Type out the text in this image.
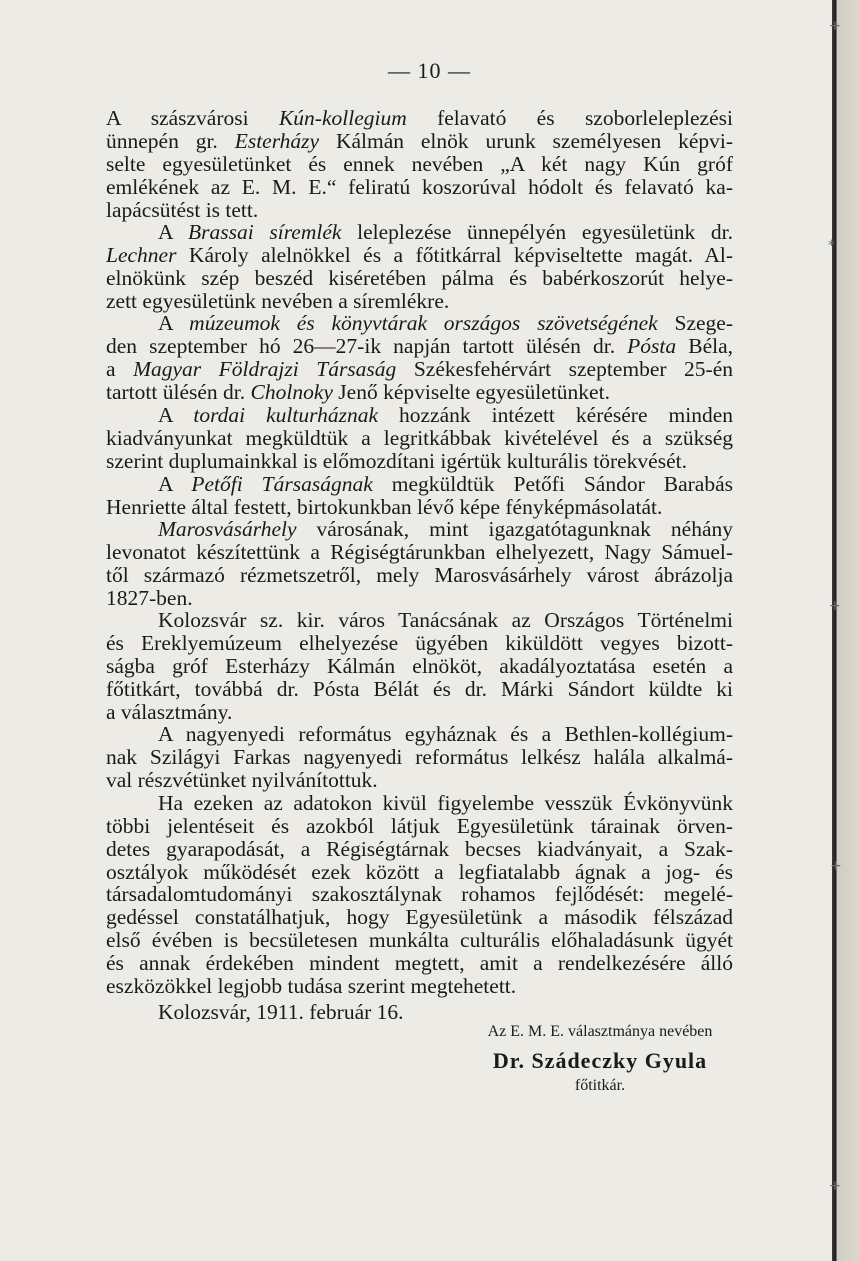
— 10 —
A szászvárosi Kún-kollegium felavató és szoborleleplezési
ünnepén gr. Esterházy Kálmán elnök urunk személyesen képvi-
selte egyesületünket és ennek nevében „A két nagy Kún gróf
emlékének az E. M. E.“ feliratú koszorúval hódolt és felavató ka-
lapácsütést is tett.
A Brassai síremlék leleplezése ünnepélyén egyesületünk dr.
Lechner Károly alelnökkel és a főtitkárral képviseltette magát. Al-
elnökünk szép beszéd kiséretében pálma és babérkoszorút helye-
zett egyesületünk nevében a síremlékre.
A múzeumok és könyvtárak országos szövetségének Szege-
den szeptember hó 26—27-ik napján tartott ülésén dr. Pósta Béla,
a Magyar Földrajzi Társaság Székesfehérvárt szeptember 25-én
tartott ülésén dr. Cholnoky Jenő képviselte egyesületünket.
A tordai kulturháznak hozzánk intézett kérésére minden
kiadványunkat megküldtük a legritkábbak kivételével és a szükség
szerint duplumainkkal is előmozdítani igértük kulturális törekvését.
A Petőfi Társaságnak megküldtük Petőfi Sándor Barabás
Henriette által festett, birtokunkban lévő képe fényképmásolatát.
Marosvásárhely városának, mint igazgatótagunknak néhány
levonatot készítettünk a Régiségtárunkban elhelyezett, Nagy Sámuel-
től származó rézmetszetről, mely Marosvásárhely várost ábrázolja
1827-ben.
Kolozsvár sz. kir. város Tanácsának az Országos Történelmi
és Ereklyemúzeum elhelyezése ügyében kiküldött vegyes bizott-
ságba gróf Esterházy Kálmán elnököt, akadályoztatása esetén a
főtitkárt, továbbá dr. Pósta Bélát és dr. Márki Sándort küldte ki
a választmány.
A nagyenyedi református egyháznak és a Bethlen-kollégium-
nak Szilágyi Farkas nagyenyedi református lelkész halála alkalmá-
val részvétünket nyilvánítottuk.
Ha ezeken az adatokon kivül figyelembe vesszük Évkönyvünk
többi jelentéseit és azokból látjuk Egyesületünk tárainak örven-
detes gyarapodását, a Régiségtárnak becses kiadványait, a Szak-
osztályok működését ezek között a legfiatalabb ágnak a jog- és
társadalomtudományi szakosztálynak rohamos fejlődését: megelé-
gedéssel constatálhatjuk, hogy Egyesületünk a második félszázad
első évében is becsületesen munkálta culturális előhaladásunk ügyét
és annak érdekében mindent megtett, amit a rendelkezésére álló
eszközökkel legjobb tudása szerint megtehetett.
Kolozsvár, 1911. február 16.
Az E. M. E. választmánya nevében
Dr. Szádeczky Gyula
főtitkár.
+
*
+
+
+
